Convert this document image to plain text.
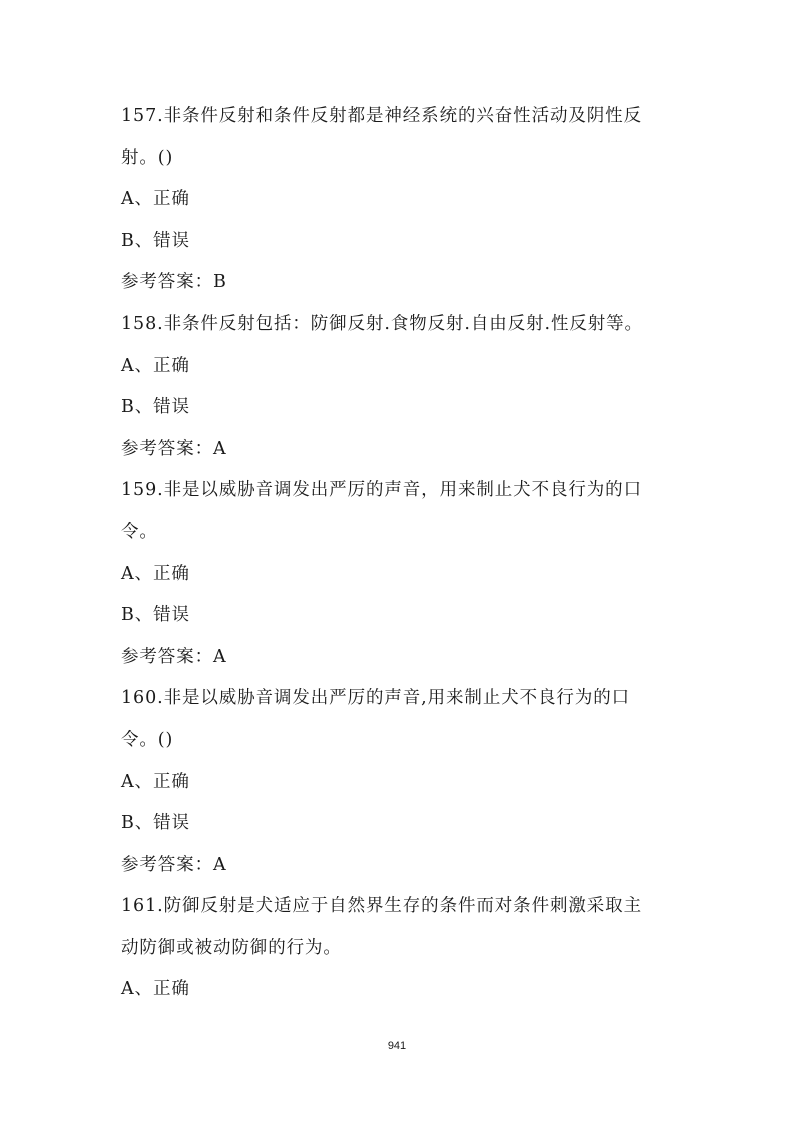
157.非条件反射和条件反射都是神经系统的兴奋性活动及阴性反
射。()
A、正确
B、错误
参考答案：B
158.非条件反射包括：防御反射.食物反射.自由反射.性反射等。
A、正确
B、错误
参考答案：A
159.非是以威胁音调发出严厉的声音，用来制止犬不良行为的口
令。
A、正确
B、错误
参考答案：A
160.非是以威胁音调发出严厉的声音,用来制止犬不良行为的口
令。()
A、正确
B、错误
参考答案：A
161.防御反射是犬适应于自然界生存的条件而对条件刺激采取主
动防御或被动防御的行为。
A、正确
941
